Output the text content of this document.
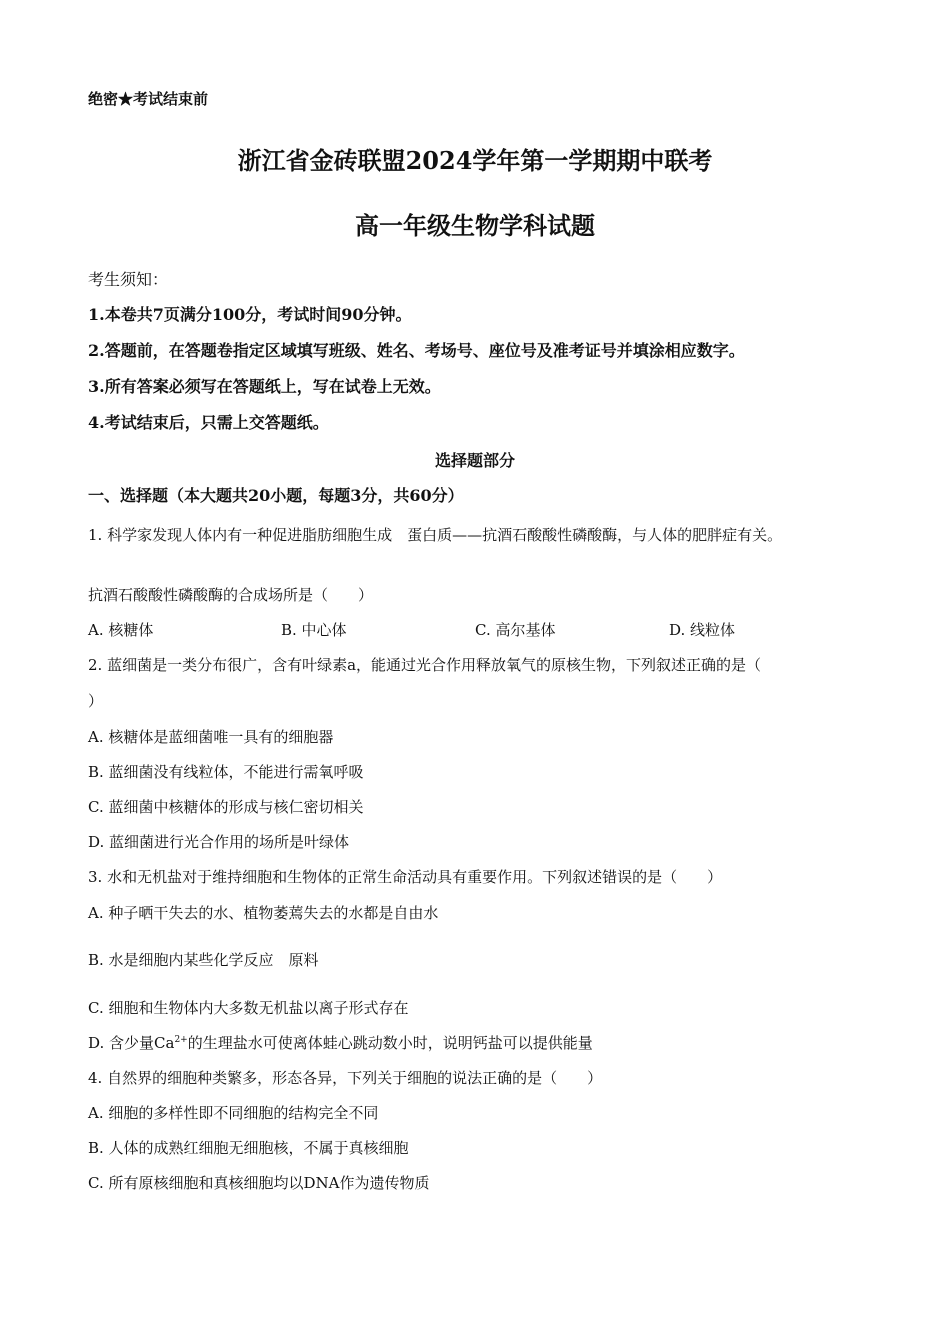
绝密★考试结束前
浙江省金砖联盟2024学年第一学期期中联考
高一年级生物学科试题
考生须知：
1.本卷共7页满分100分，考试时间90分钟。
2.答题前，在答题卷指定区域填写班级、姓名、考场号、座位号及准考证号并填涂相应数字。
3.所有答案必须写在答题纸上，写在试卷上无效。
4.考试结束后，只需上交答题纸。
选择题部分
一、选择题（本大题共20小题，每题3分，共60分）
1. 科学家发现人体内有一种促进脂肪细胞生成　蛋白质——抗酒石酸酸性磷酸酶，与人体的肥胖症有关。
抗酒石酸酸性磷酸酶的合成场所是（　　）
A. 核糖体	B. 中心体	C. 高尔基体	D. 线粒体
2. 蓝细菌是一类分布很广，含有叶绿素a，能通过光合作用释放氧气的原核生物，下列叙述正确的是（
）
A. 核糖体是蓝细菌唯一具有的细胞器
B. 蓝细菌没有线粒体，不能进行需氧呼吸
C. 蓝细菌中核糖体的形成与核仁密切相关
D. 蓝细菌进行光合作用的场所是叶绿体
3. 水和无机盐对于维持细胞和生物体的正常生命活动具有重要作用。下列叙述错误的是（　　）
A. 种子晒干失去的水、植物萎蔫失去的水都是自由水
B. 水是细胞内某些化学反应　原料
C. 细胞和生物体内大多数无机盐以离子形式存在
D. 含少量$Ca^{2+}$的生理盐水可使离体蛙心跳动数小时，说明钙盐可以提供能量
4. 自然界的细胞种类繁多，形态各异，下列关于细胞的说法正确的是（　　）
A. 细胞的多样性即不同细胞的结构完全不同
B. 人体的成熟红细胞无细胞核，不属于真核细胞
C. 所有原核细胞和真核细胞均以DNA作为遗传物质
